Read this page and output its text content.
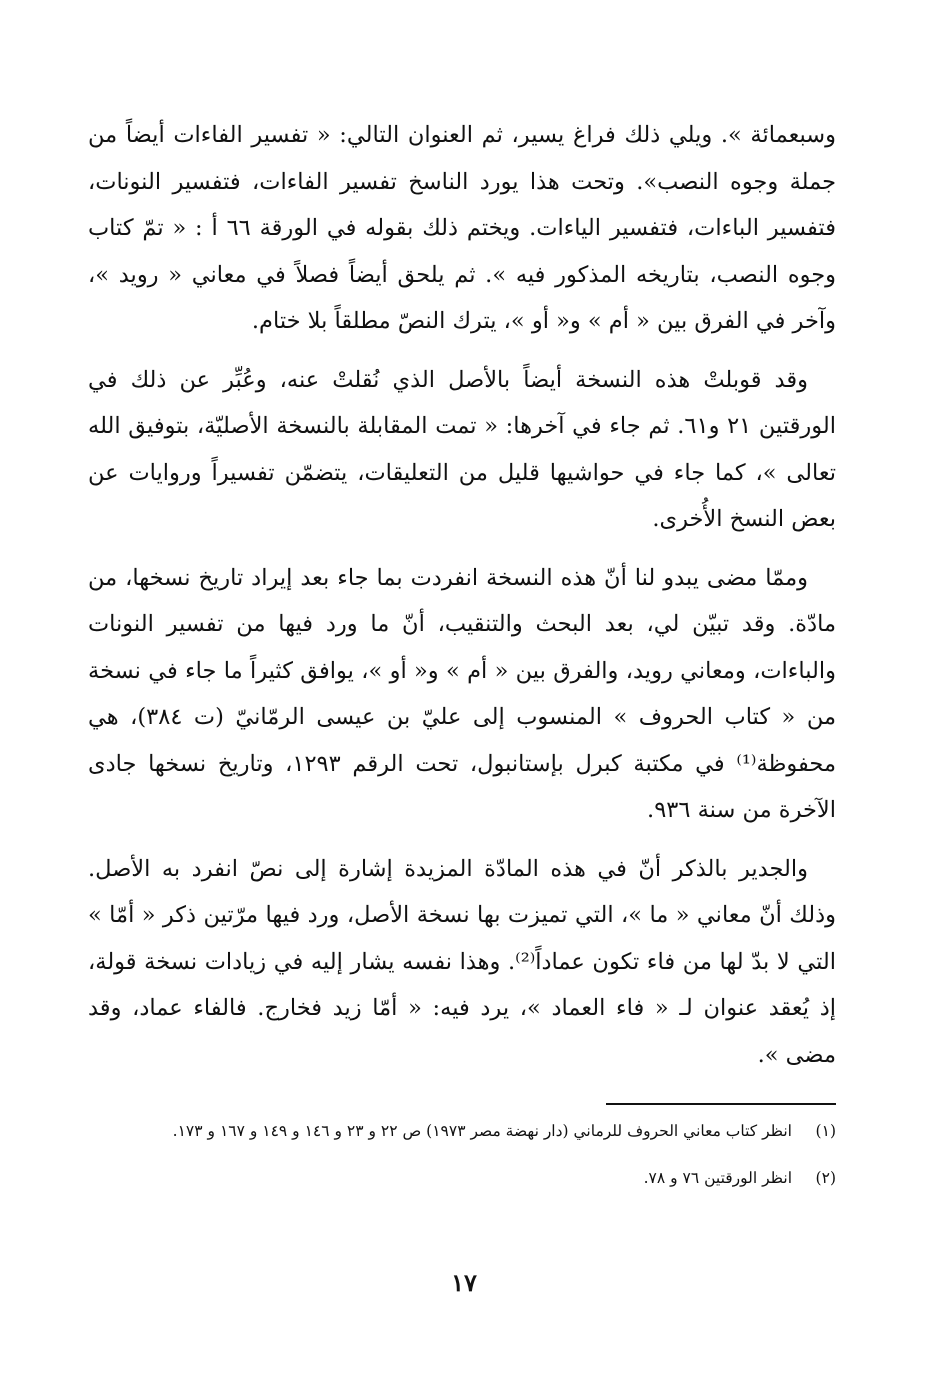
وسبعمائة ». ويلي ذلك فراغ يسير، ثم العنوان التالي: « تفسير الفاءات أيضاً من جملة وجوه النصب». وتحت هذا يورد الناسخ تفسير الفاءات، فتفسير النونات، فتفسير الباءات، فتفسير الياءات. ويختم ذلك بقوله في الورقة ٦٦ أ : « تمّ كتاب وجوه النصب، بتاريخه المذكور فيه ». ثم يلحق أيضاً فصلاً في معاني « رويد »، وآخر في الفرق بين « أم » و« أو »، يترك النصّ مطلقاً بلا ختام.

وقد قوبلتْ هذه النسخة أيضاً بالأصل الذي نُقلتْ عنه، وعُبِّر عن ذلك في الورقتين ٢١ و٦١. ثم جاء في آخرها: « تمت المقابلة بالنسخة الأصليّة، بتوفيق الله تعالى »، كما جاء في حواشيها قليل من التعليقات، يتضمّن تفسيراً وروايات عن بعض النسخ الأُخرى.

وممّا مضى يبدو لنا أنّ هذه النسخة انفردت بما جاء بعد إيراد تاريخ نسخها، من مادّة. وقد تبيّن لي، بعد البحث والتنقيب، أنّ ما ورد فيها من تفسير النونات والباءات، ومعاني رويد، والفرق بين « أم » و« أو »، يوافق كثيراً ما جاء في نسخة من « كتاب الحروف » المنسوب إلى عليّ بن عيسى الرمّانيّ (ت ٣٨٤)، هي محفوظة⁽¹⁾ في مكتبة كبرل بإستانبول، تحت الرقم ١٢٩٣، وتاريخ نسخها جادى الآخرة من سنة ٩٣٦.

والجدير بالذكر أنّ في هذه المادّة المزيدة إشارة إلى نصّ انفرد به الأصل. وذلك أنّ معاني « ما »، التي تميزت بها نسخة الأصل، ورد فيها مرّتين ذكر « أمّا » التي لا بدّ لها من فاء تكون عماداً⁽²⁾. وهذا نفسه يشار إليه في زيادات نسخة قولة، إذ يُعقد عنوان لـ « فاء العماد »، يرد فيه: « أمّا زيد فخارج. فالفاء عماد، وقد مضى ».

(١)
انظر كتاب معاني الحروف للرماني (دار نهضة مصر ١٩٧٣) ص ٢٢ و ٢٣ و ١٤٦ و ١٤٩ و ١٦٧ و ١٧٣.
(٢)
انظر الورقتين ٧٦ و ٧٨.
١٧
